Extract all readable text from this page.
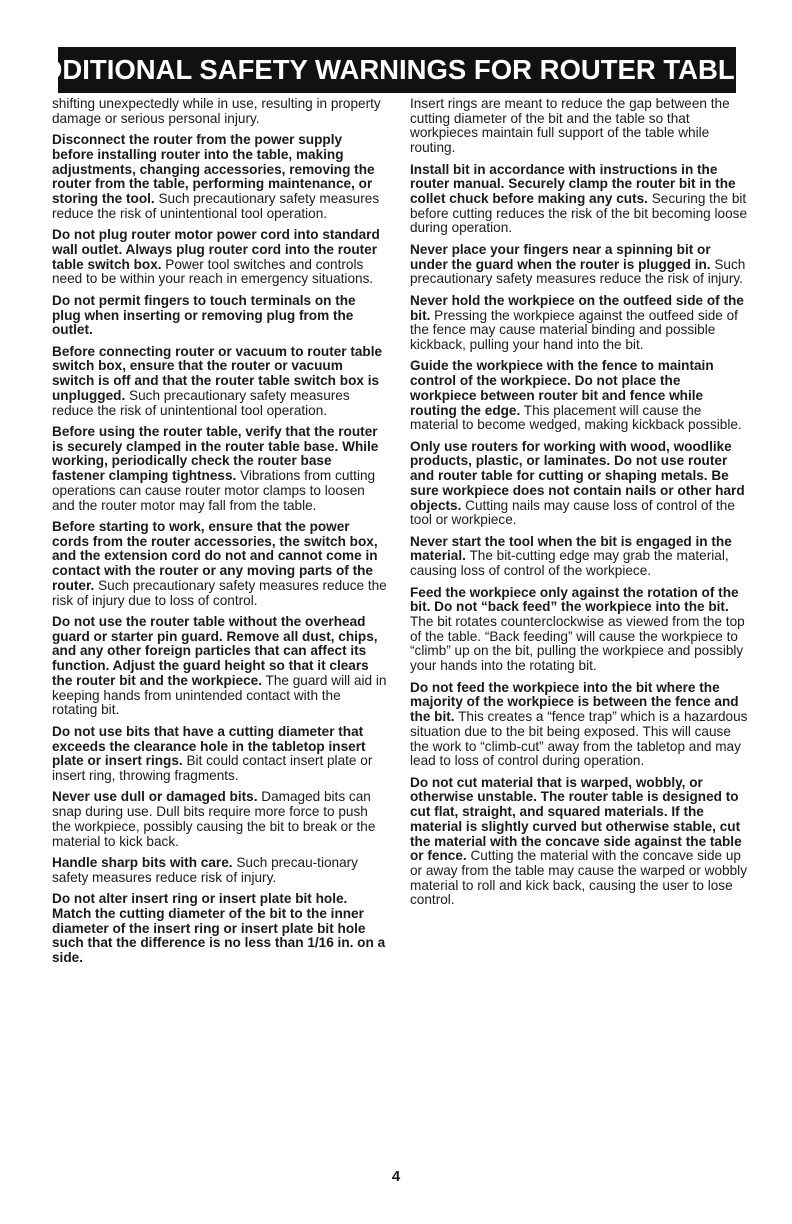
ADDITIONAL SAFETY WARNINGS FOR ROUTER TABLES

shifting unexpectedly while in use, resulting in property damage or serious personal injury.

Disconnect the router from the power supply before installing router into the table, making adjustments, changing accessories, removing the router from the table, performing maintenance, or storing the tool. Such precautionary safety measures reduce the risk of unintentional tool operation.

Do not plug router motor power cord into standard wall outlet. Always plug router cord into the router table switch box. Power tool switches and controls need to be within your reach in emergency situations.

Do not permit fingers to touch terminals on the plug when inserting or removing plug from the outlet.

Before connecting router or vacuum to router table switch box, ensure that the router or vacuum switch is off and that the router table switch box is unplugged. Such precautionary safety measures reduce the risk of unintentional tool operation.

Before using the router table, verify that the router is securely clamped in the router table base. While working, periodically check the router base fastener clamping tightness. Vibrations from cutting operations can cause router motor clamps to loosen and the router motor may fall from the table.

Before starting to work, ensure that the power cords from the router accessories, the switch box, and the extension cord do not and cannot come in contact with the router or any moving parts of the router. Such precautionary safety measures reduce the risk of injury due to loss of control.

Do not use the router table without the overhead guard or starter pin guard. Remove all dust, chips, and any other foreign particles that can affect its function. Adjust the guard height so that it clears the router bit and the workpiece. The guard will aid in keeping hands from unintended contact with the rotating bit.

Do not use bits that have a cutting diameter that exceeds the clearance hole in the tabletop insert plate or insert rings. Bit could contact insert plate or insert ring, throwing fragments.

Never use dull or damaged bits. Damaged bits can snap during use. Dull bits require more force to push the workpiece, possibly causing the bit to break or the material to kick back.

Handle sharp bits with care. Such precau-tionary safety measures reduce risk of injury.

Do not alter insert ring or insert plate bit hole. Match the cutting diameter of the bit to the inner diameter of the insert ring or insert plate bit hole such that the difference is no less than 1/16 in. on a side.

Insert rings are meant to reduce the gap between the cutting diameter of the bit and the table so that workpieces maintain full support of the table while routing.

Install bit in accordance with instructions in the router manual. Securely clamp the router bit in the collet chuck before making any cuts. Securing the bit before cutting reduces the risk of the bit becoming loose during operation.

Never place your fingers near a spinning bit or under the guard when the router is plugged in. Such precautionary safety measures reduce the risk of injury.

Never hold the workpiece on the outfeed side of the bit. Pressing the workpiece against the outfeed side of the fence may cause material binding and possible kickback, pulling your hand into the bit.

Guide the workpiece with the fence to maintain control of the workpiece. Do not place the workpiece between router bit and fence while routing the edge. This placement will cause the material to become wedged, making kickback possible.

Only use routers for working with wood, woodlike products, plastic, or laminates. Do not use router and router table for cutting or shaping metals. Be sure workpiece does not contain nails or other hard objects. Cutting nails may cause loss of control of the tool or workpiece.

Never start the tool when the bit is engaged in the material. The bit-cutting edge may grab the material, causing loss of control of the workpiece.

Feed the workpiece only against the rotation of the bit. Do not “back feed” the workpiece into the bit. The bit rotates counterclockwise as viewed from the top of the table. “Back feeding” will cause the workpiece to “climb” up on the bit, pulling the workpiece and possibly your hands into the rotating bit.

Do not feed the workpiece into the bit where the majority of the workpiece is between the fence and the bit. This creates a “fence trap” which is a hazardous situation due to the bit being exposed. This will cause the work to “climb-cut” away from the tabletop and may lead to loss of control during operation.

Do not cut material that is warped, wobbly, or otherwise unstable. The router table is designed to cut flat, straight, and squared materials. If the material is slightly curved but otherwise stable, cut the material with the concave side against the table or fence. Cutting the material with the concave side up or away from the table may cause the warped or wobbly material to roll and kick back, causing the user to lose control.

4
